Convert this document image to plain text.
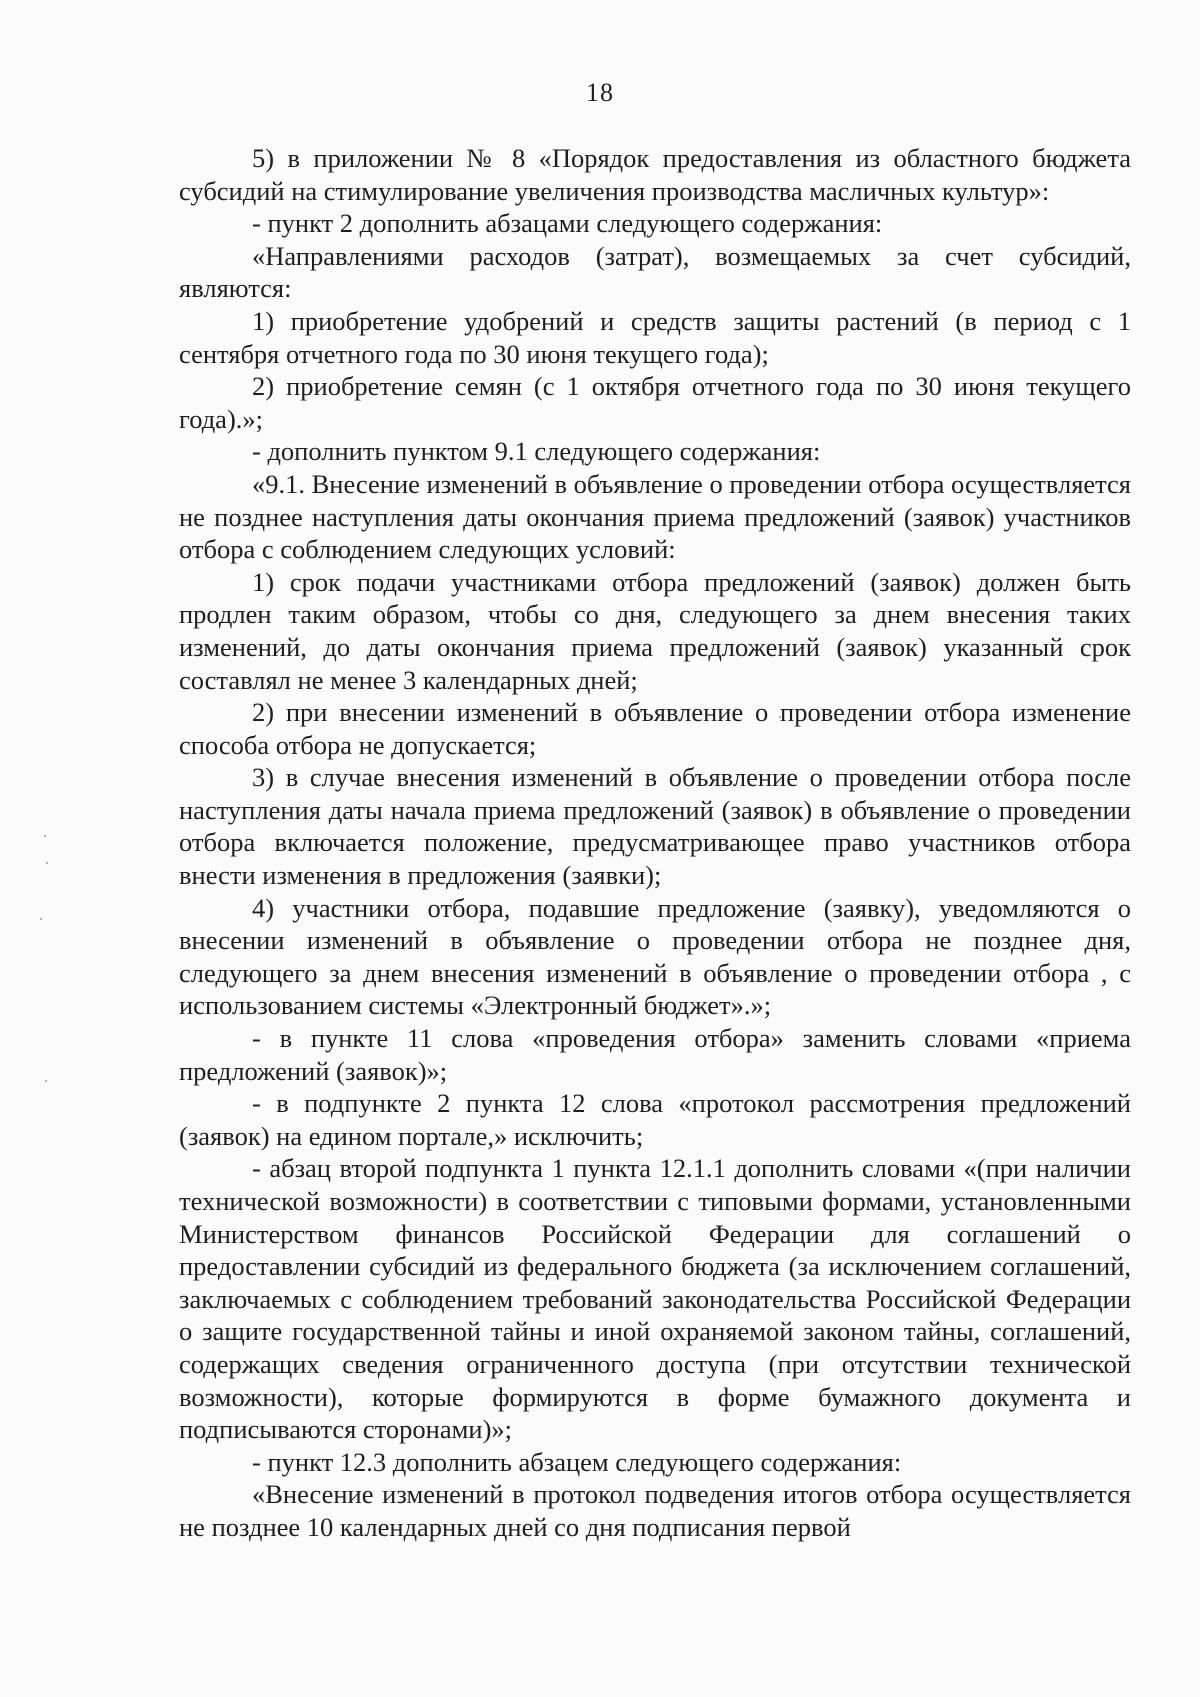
18

5) в приложении № 8 «Порядок предоставления из областного бюджета субсидий на стимулирование увеличения производства масличных культур»:

- пункт 2 дополнить абзацами следующего содержания:

«Направлениями расходов (затрат), возмещаемых за счет субсидий, являются:

1) приобретение удобрений и средств защиты растений (в период с 1 сентября отчетного года по 30 июня текущего года);

2) приобретение семян (с 1 октября отчетного года по 30 июня текущего года).»;

- дополнить пунктом 9.1 следующего содержания:

«9.1. Внесение изменений в объявление о проведении отбора осуществляется не позднее наступления даты окончания приема предложений (заявок) участников отбора с соблюдением следующих условий:

1) срок подачи участниками отбора предложений (заявок) должен быть продлен таким образом, чтобы со дня, следующего за днем внесения таких изменений, до даты окончания приема предложений (заявок) указанный срок составлял не менее 3 календарных дней;

2) при внесении изменений в объявление о проведении отбора изменение способа отбора не допускается;

3) в случае внесения изменений в объявление о проведении отбора после наступления даты начала приема предложений (заявок) в объявление о проведении отбора включается положение, предусматривающее право участников отбора внести изменения в предложения (заявки);

4) участники отбора, подавшие предложение (заявку), уведомляются о внесении изменений в объявление о проведении отбора не позднее дня, следующего за днем внесения изменений в объявление о проведении отбора , с использованием системы «Электронный бюджет».»;

- в пункте 11 слова «проведения отбора» заменить словами «приема предложений (заявок)»;

- в подпункте 2 пункта 12 слова «протокол рассмотрения предложений (заявок) на едином портале,» исключить;

- абзац второй подпункта 1 пункта 12.1.1 дополнить словами «(при наличии технической возможности) в соответствии с типовыми формами, установленными Министерством финансов Российской Федерации для соглашений о предоставлении субсидий из федерального бюджета (за исключением соглашений, заключаемых с соблюдением требований законодательства Российской Федерации о защите государственной тайны и иной охраняемой законом тайны, соглашений, содержащих сведения ограниченного доступа (при отсутствии технической возможности), которые формируются в форме бумажного документа и подписываются сторонами)»;

- пункт 12.3 дополнить абзацем следующего содержания:

«Внесение изменений в протокол подведения итогов отбора осуществляется не позднее 10 календарных дней со дня подписания первой
